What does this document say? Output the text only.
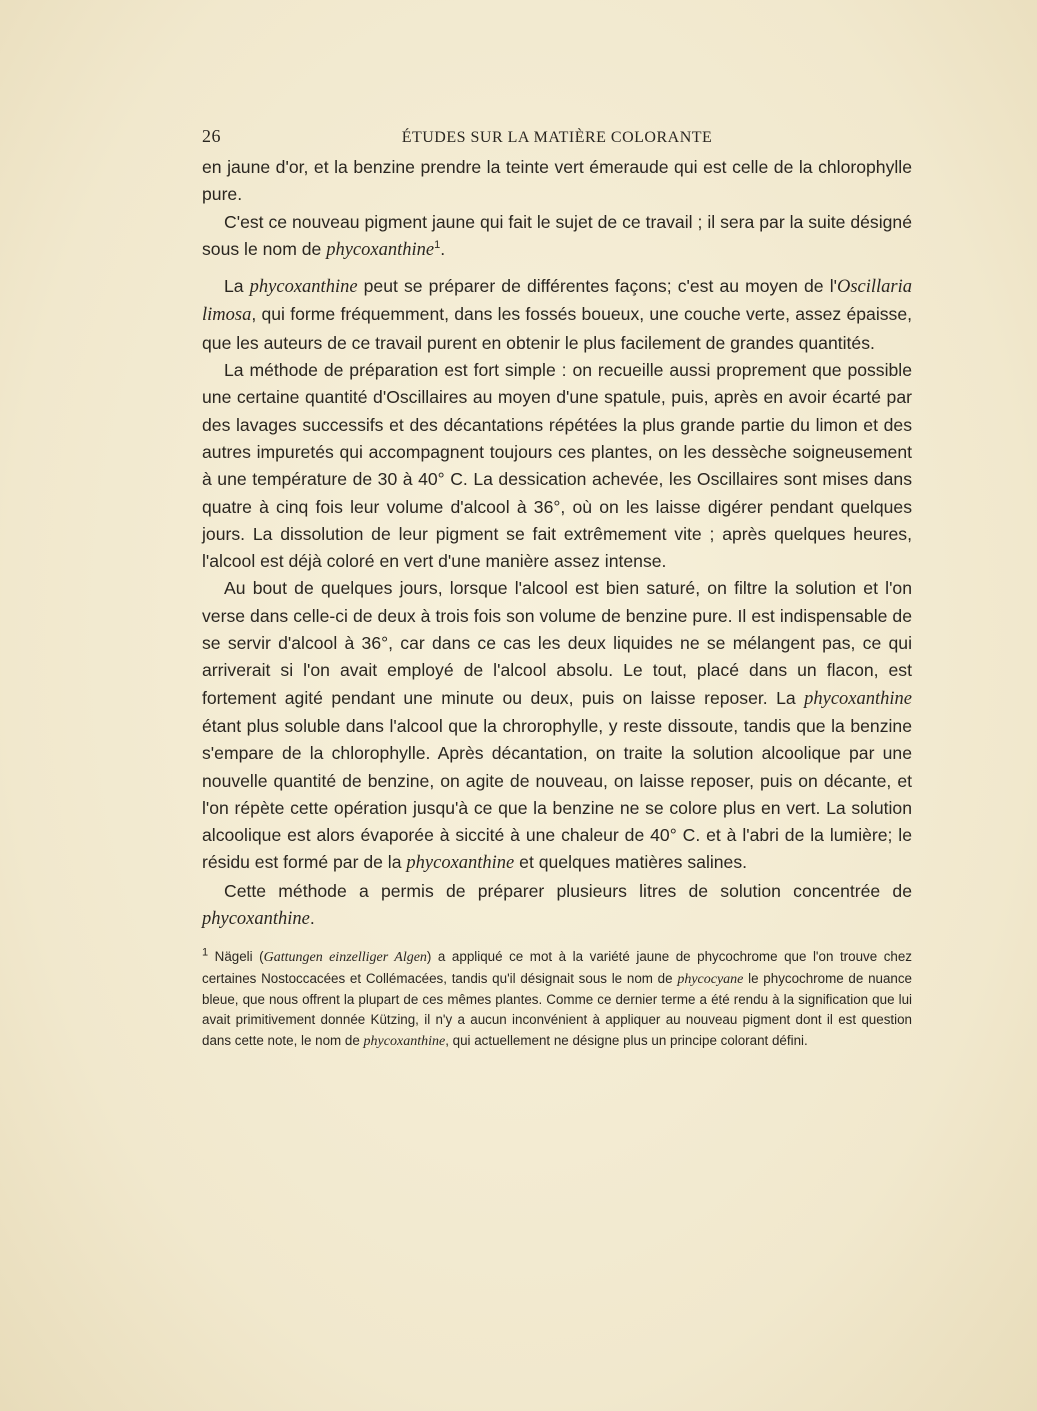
26	ÉTUDES SUR LA MATIÈRE COLORANTE

en jaune d'or, et la benzine prendre la teinte vert émeraude qui est celle de la chlorophylle pure.

C'est ce nouveau pigment jaune qui fait le sujet de ce travail ; il sera par la suite désigné sous le nom de phycoxanthine$^1$.

La phycoxanthine peut se préparer de différentes façons; c'est au moyen de l'Oscillaria limosa, qui forme fréquemment, dans les fossés boueux, une couche verte, assez épaisse, que les auteurs de ce travail purent en obtenir le plus facilement de grandes quantités.

La méthode de préparation est fort simple : on recueille aussi proprement que possible une certaine quantité d'Oscillaires au moyen d'une spatule, puis, après en avoir écarté par des lavages successifs et des décantations répétées la plus grande partie du limon et des autres impuretés qui accompagnent toujours ces plantes, on les dessèche soigneusement à une température de 30 à 40° C. La dessication achevée, les Oscillaires sont mises dans quatre à cinq fois leur volume d'alcool à 36°, où on les laisse digérer pendant quelques jours. La dissolution de leur pigment se fait extrêmement vite ; après quelques heures, l'alcool est déjà coloré en vert d'une manière assez intense.

Au bout de quelques jours, lorsque l'alcool est bien saturé, on filtre la solution et l'on verse dans celle-ci de deux à trois fois son volume de benzine pure. Il est indispensable de se servir d'alcool à 36°, car dans ce cas les deux liquides ne se mélangent pas, ce qui arriverait si l'on avait employé de l'alcool absolu. Le tout, placé dans un flacon, est fortement agité pendant une minute ou deux, puis on laisse reposer. La phycoxanthine étant plus soluble dans l'alcool que la chrorophylle, y reste dissoute, tandis que la benzine s'empare de la chlorophylle. Après décantation, on traite la solution alcoolique par une nouvelle quantité de benzine, on agite de nouveau, on laisse reposer, puis on décante, et l'on répète cette opération jusqu'à ce que la benzine ne se colore plus en vert. La solution alcoolique est alors évaporée à siccité à une chaleur de 40° C. et à l'abri de la lumière; le résidu est formé par de la phycoxanthine et quelques matières salines.

Cette méthode a permis de préparer plusieurs litres de solution concentrée de phycoxanthine.

$^1$ Nägeli (Gattungen einzelliger Algen) a appliqué ce mot à la variété jaune de phycochrome que l'on trouve chez certaines Nostoccacées et Collémacées, tandis qu'il désignait sous le nom de phycocyane le phycochrome de nuance bleue, que nous offrent la plupart de ces mêmes plantes. Comme ce dernier terme a été rendu à la signification que lui avait primitivement donnée Kützing, il n'y a aucun inconvénient à appliquer au nouveau pigment dont il est question dans cette note, le nom de phycoxanthine, qui actuellement ne désigne plus un principe colorant défini.
